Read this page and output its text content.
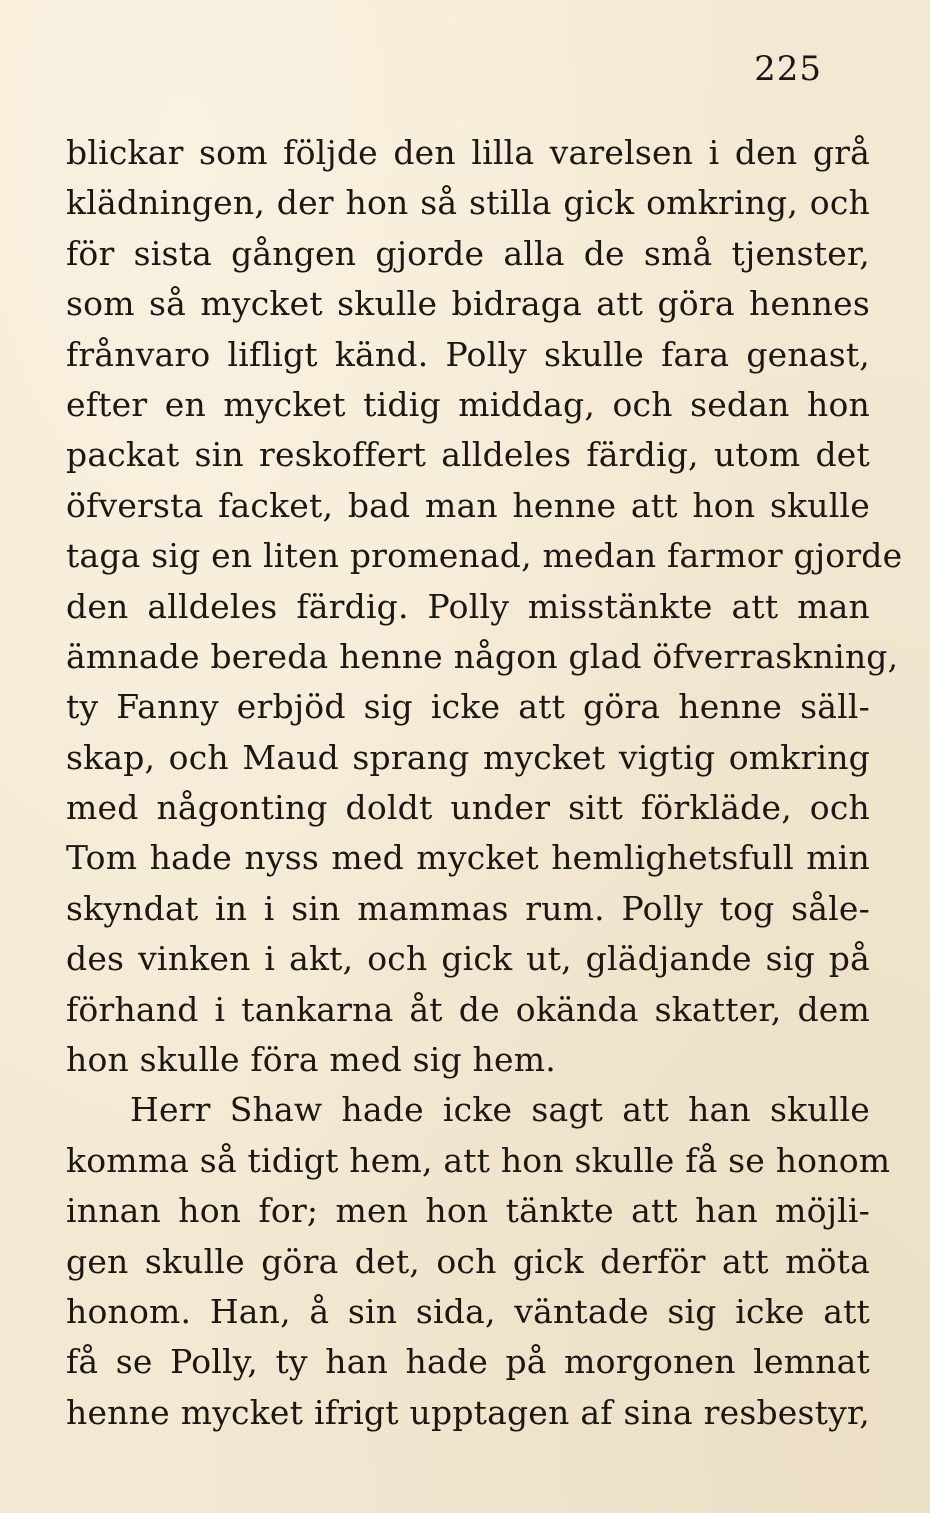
225
blickar som följde den lilla varelsen i den grå
klädningen, der hon så stilla gick omkring, och
för sista gången gjorde alla de små tjenster,
som så mycket skulle bidraga att göra hennes
frånvaro lifligt känd. Polly skulle fara genast,
efter en mycket tidig middag, och sedan hon
packat sin reskoffert alldeles färdig, utom det
öfversta facket, bad man henne att hon skulle
taga sig en liten promenad, medan farmor gjorde
den alldeles färdig. Polly misstänkte att man
ämnade bereda henne någon glad öfverraskning,
ty Fanny erbjöd sig icke att göra henne säll-
skap, och Maud sprang mycket vigtig omkring
med någonting doldt under sitt förkläde, och
Tom hade nyss med mycket hemlighetsfull min
skyndat in i sin mammas rum. Polly tog såle-
des vinken i akt, och gick ut, glädjande sig på
förhand i tankarna åt de okända skatter, dem
hon skulle föra med sig hem.
Herr Shaw hade icke sagt att han skulle
komma så tidigt hem, att hon skulle få se honom
innan hon for; men hon tänkte att han möjli-
gen skulle göra det, och gick derför att möta
honom. Han, å sin sida, väntade sig icke att
få se Polly, ty han hade på morgonen lemnat
henne mycket ifrigt upptagen af sina resbestyr,
